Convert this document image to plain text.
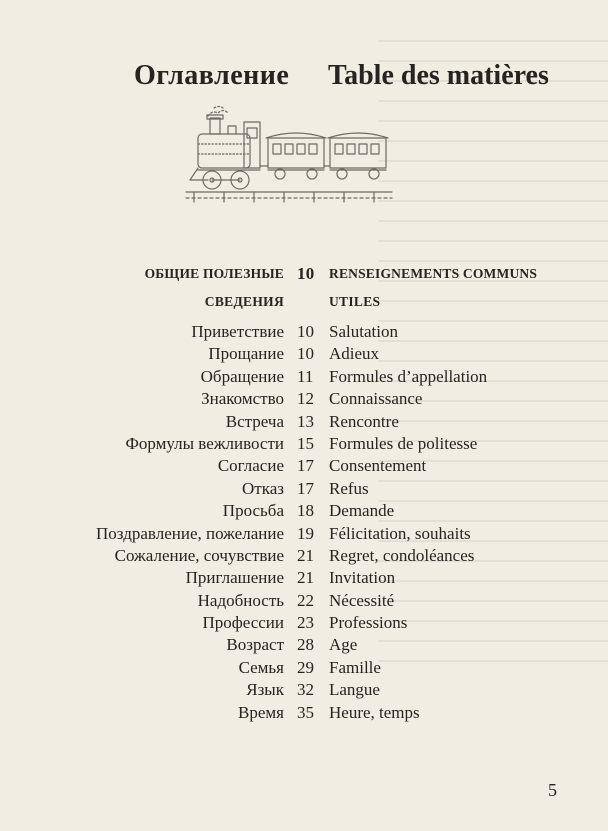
Оглавление Table des matières
ОБЩИЕ ПОЛЕЗНЫЕ 10	RENSEIGNEMENTS COMMUNS
СВЕДЕНИЯ	UTILES
Приветствие 10 Salutation
Прощание 10 Adieux
Обращение 11 Formules d’appellation
Знакомство 12 Connaissance
Встреча 13 Rencontre
Формулы вежливости 15 Formules de politesse
Согласие 17 Consentement
Отказ 17 Refus
Просьба 18 Demande
Поздравление, пожелание 19 Félicitation, souhaits
Сожаление, сочувствие 21 Regret, condoléances
Приглашение 21 Invitation
Надобность 22 Nécessité
Профессии 23 Professions
Возраст 28 Age
Семья 29 Famille
Язык 32 Langue
Время 35 Heure, temps
5
